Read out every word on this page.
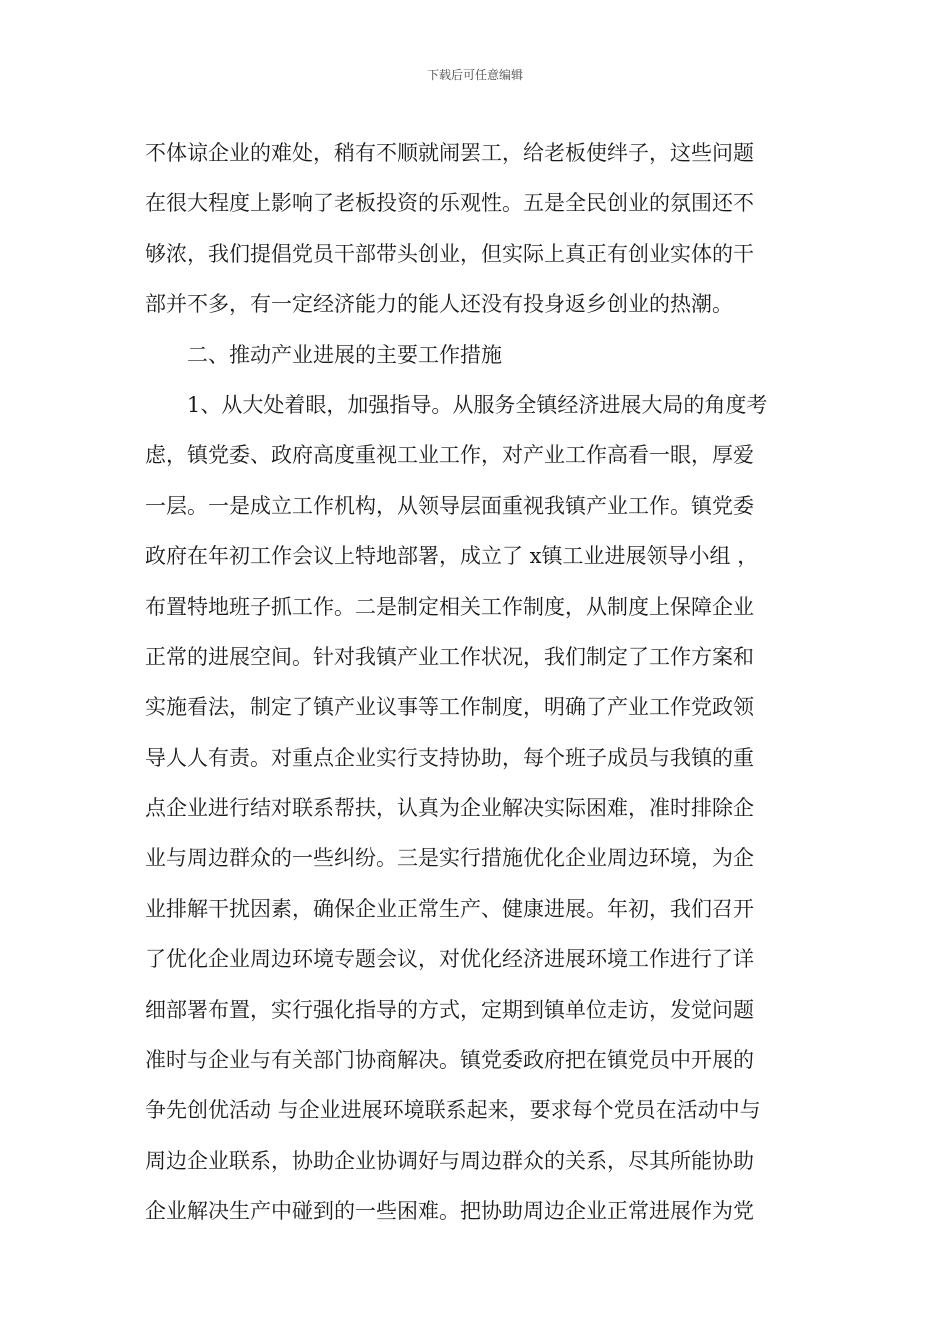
下载后可任意编辑
不体谅企业的难处，稍有不顺就闹罢工，给老板使绊子，这些问题
在很大程度上影响了老板投资的乐观性。五是全民创业的氛围还不
够浓，我们提倡党员干部带头创业，但实际上真正有创业实体的干
部并不多，有一定经济能力的能人还没有投身返乡创业的热潮。
　　二、推动产业进展的主要工作措施
　　1、从大处着眼，加强指导。从服务全镇经济进展大局的角度考
虑，镇党委、政府高度重视工业工作，对产业工作高看一眼，厚爱
一层。一是成立工作机构，从领导层面重视我镇产业工作。镇党委
政府在年初工作会议上特地部署，成立了 x镇工业进展领导小组 ，
布置特地班子抓工作。二是制定相关工作制度，从制度上保障企业
正常的进展空间。针对我镇产业工作状况，我们制定了工作方案和
实施看法，制定了镇产业议事等工作制度，明确了产业工作党政领
导人人有责。对重点企业实行支持协助，每个班子成员与我镇的重
点企业进行结对联系帮扶，认真为企业解决实际困难，准时排除企
业与周边群众的一些纠纷。三是实行措施优化企业周边环境，为企
业排解干扰因素，确保企业正常生产、健康进展。年初，我们召开
了优化企业周边环境专题会议，对优化经济进展环境工作进行了详
细部署布置，实行强化指导的方式，定期到镇单位走访，发觉问题
准时与企业与有关部门协商解决。镇党委政府把在镇党员中开展的
争先创优活动 与企业进展环境联系起来，要求每个党员在活动中与
周边企业联系，协助企业协调好与周边群众的关系，尽其所能协助
企业解决生产中碰到的一些困难。把协助周边企业正常进展作为党
